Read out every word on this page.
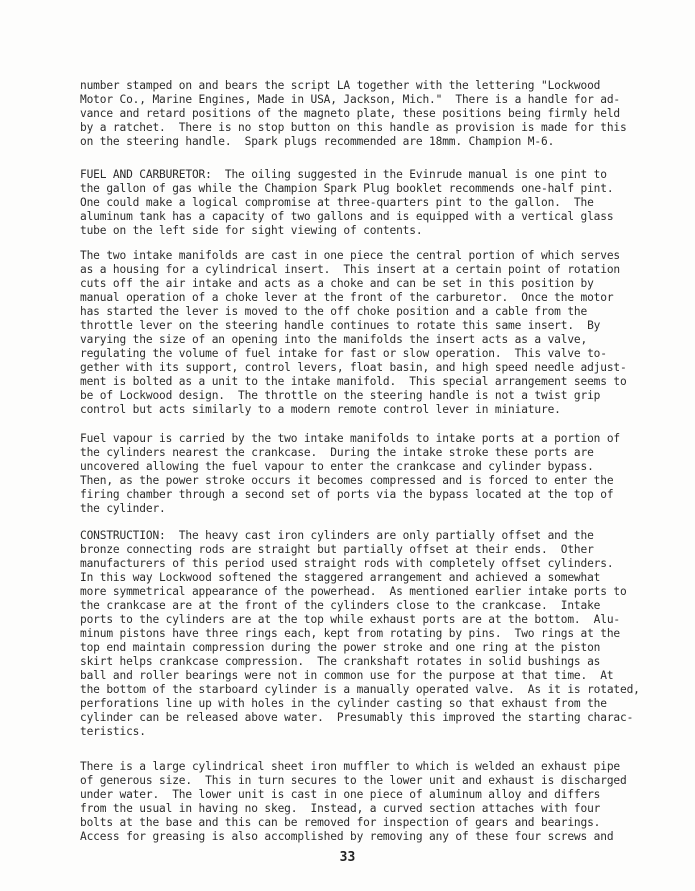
number stamped on and bears the script LA together with the lettering "Lockwood
Motor Co., Marine Engines, Made in USA, Jackson, Mich."  There is a handle for ad-
vance and retard positions of the magneto plate, these positions being firmly held
by a ratchet.  There is no stop button on this handle as provision is made for this
on the steering handle.  Spark plugs recommended are 18mm. Champion M-6.
FUEL AND CARBURETOR:  The oiling suggested in the Evinrude manual is one pint to
the gallon of gas while the Champion Spark Plug booklet recommends one-half pint.
One could make a logical compromise at three-quarters pint to the gallon.  The
aluminum tank has a capacity of two gallons and is equipped with a vertical glass
tube on the left side for sight viewing of contents.
The two intake manifolds are cast in one piece the central portion of which serves
as a housing for a cylindrical insert.  This insert at a certain point of rotation
cuts off the air intake and acts as a choke and can be set in this position by
manual operation of a choke lever at the front of the carburetor.  Once the motor
has started the lever is moved to the off choke position and a cable from the
throttle lever on the steering handle continues to rotate this same insert.  By
varying the size of an opening into the manifolds the insert acts as a valve,
regulating the volume of fuel intake for fast or slow operation.  This valve to-
gether with its support, control levers, float basin, and high speed needle adjust-
ment is bolted as a unit to the intake manifold.  This special arrangement seems to
be of Lockwood design.  The throttle on the steering handle is not a twist grip
control but acts similarly to a modern remote control lever in miniature.
Fuel vapour is carried by the two intake manifolds to intake ports at a portion of
the cylinders nearest the crankcase.  During the intake stroke these ports are
uncovered allowing the fuel vapour to enter the crankcase and cylinder bypass.
Then, as the power stroke occurs it becomes compressed and is forced to enter the
firing chamber through a second set of ports via the bypass located at the top of
the cylinder.
CONSTRUCTION:  The heavy cast iron cylinders are only partially offset and the
bronze connecting rods are straight but partially offset at their ends.  Other
manufacturers of this period used straight rods with completely offset cylinders.
In this way Lockwood softened the staggered arrangement and achieved a somewhat
more symmetrical appearance of the powerhead.  As mentioned earlier intake ports to
the crankcase are at the front of the cylinders close to the crankcase.  Intake
ports to the cylinders are at the top while exhaust ports are at the bottom.  Alu-
minum pistons have three rings each, kept from rotating by pins.  Two rings at the
top end maintain compression during the power stroke and one ring at the piston
skirt helps crankcase compression.  The crankshaft rotates in solid bushings as
ball and roller bearings were not in common use for the purpose at that time.  At
the bottom of the starboard cylinder is a manually operated valve.  As it is rotated,
perforations line up with holes in the cylinder casting so that exhaust from the
cylinder can be released above water.  Presumably this improved the starting charac-
teristics.
There is a large cylindrical sheet iron muffler to which is welded an exhaust pipe
of generous size.  This in turn secures to the lower unit and exhaust is discharged
under water.  The lower unit is cast in one piece of aluminum alloy and differs
from the usual in having no skeg.  Instead, a curved section attaches with four
bolts at the base and this can be removed for inspection of gears and bearings.
Access for greasing is also accomplished by removing any of these four screws and
33
